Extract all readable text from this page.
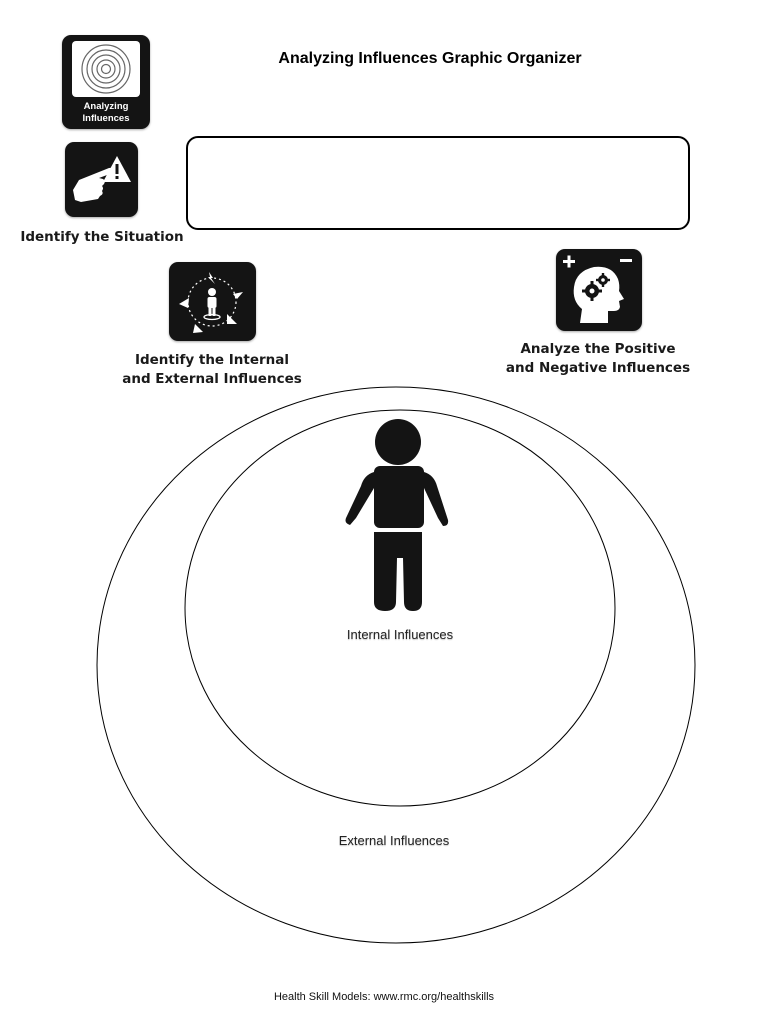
Analyzing
Influences
Analyzing Influences Graphic Organizer
Identify the Situation
Identify the Internal
and External Influences
Analyze the Positive
and Negative Influences
Internal Influences
External Influences
Health Skill Models: www.rmc.org/healthskills
